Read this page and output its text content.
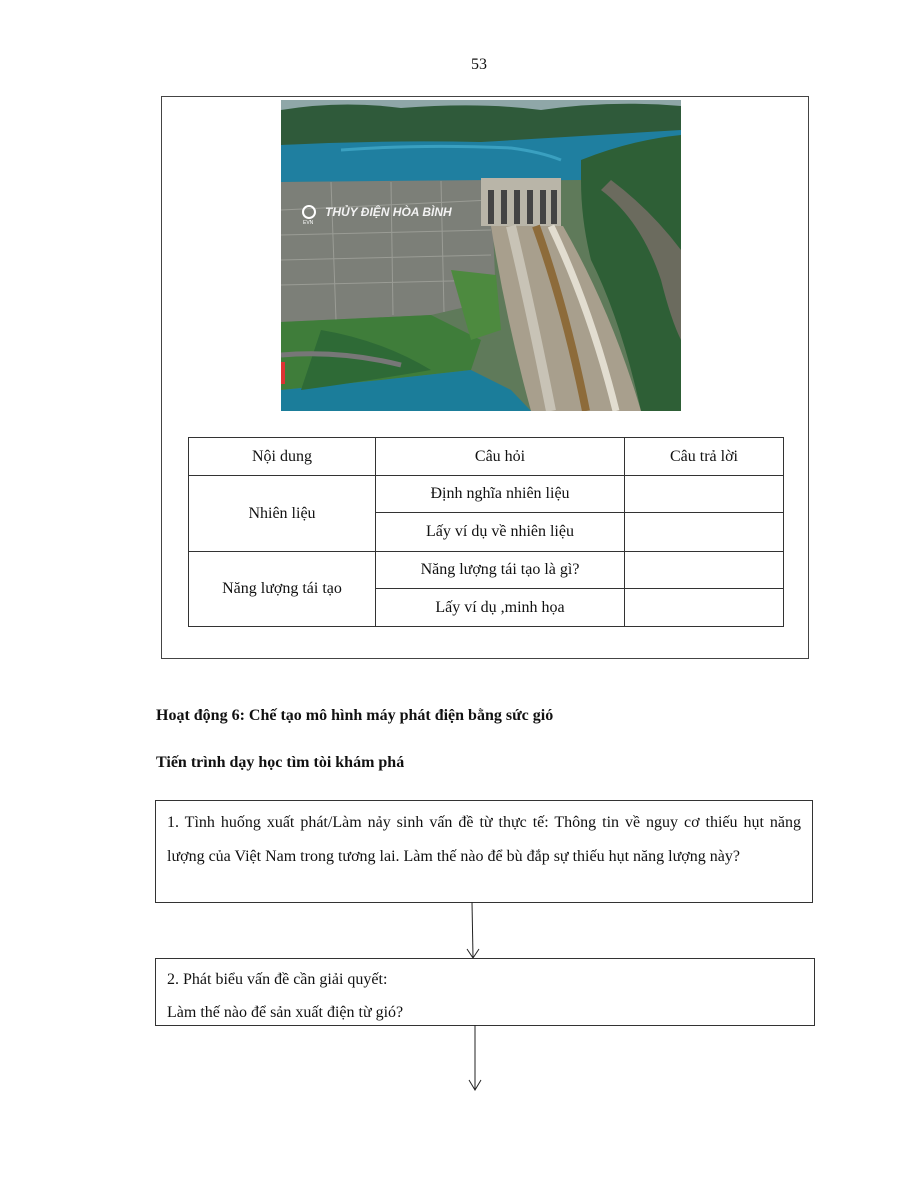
53
EVN
THỦY ĐIỆN HÒA BÌNH
Nội dung	Câu hỏi	Câu trả lời
Nhiên liệu	Định nghĩa nhiên liệu	
	Lấy ví dụ về nhiên liệu	
Năng lượng tái tạo	Năng lượng tái tạo là gì?	
	Lấy ví dụ ,minh họa	
Hoạt động 6: Chế tạo mô hình máy phát điện bằng sức gió
Tiến trình dạy học tìm tòi khám phá
1. Tình huống xuất phát/Làm nảy sinh vấn đề từ thực tế: Thông tin về nguy cơ thiếu hụt năng lượng của Việt Nam trong tương lai. Làm thế nào để bù đắp sự thiếu hụt năng lượng này?
2. Phát biểu vấn đề cần giải quyết:
Làm thế nào để sản xuất điện từ gió?
